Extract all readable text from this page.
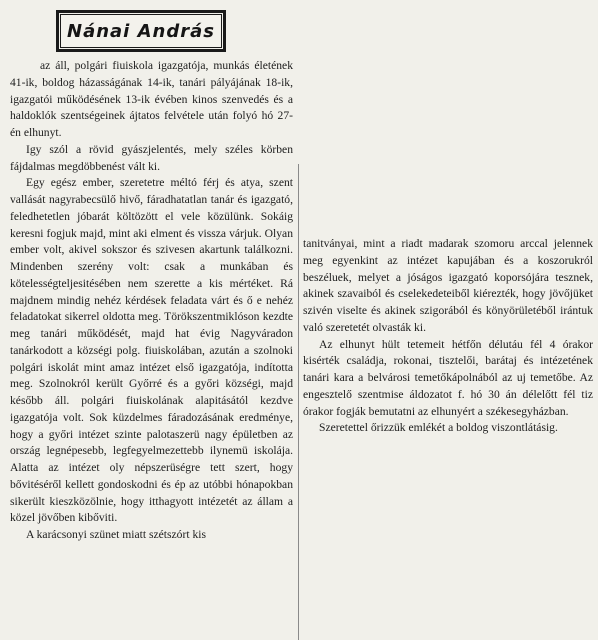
Nánai András

az áll, polgári fiuiskola igazgatója, munkás életének 41-ik, boldog házasságának 14-ik, tanári pályájának 18-ik, igazgatói működésének 13-ik évében kinos szenvedés és a haldoklók szentségeinek ájtatos felvétele után folyó hó 27-én elhunyt.

Igy szól a rövid gyászjelentés, mely széles körben fájdalmas megdöbbenést vált ki.

Egy egész ember, szeretetre méltó férj és atya, szent vallását nagyrabecsülő hivő, fáradhatatlan tanár és igazgató, feledhetetlen jóbarát költözött el vele közülünk. Sokáig keresni fogjuk majd, mint aki elment és vissza várjuk. Olyan ember volt, akivel sokszor és szivesen akartunk találkozni. Mindenben szerény volt: csak a munkában és kötelességteljesitésében nem szerette a kis mértéket. Rá majdnem mindig nehéz kérdések feladata várt és ő e nehéz feladatokat sikerrel oldotta meg. Törökszentmiklóson kezdte meg tanári működését, majd hat évig Nagyváradon tanárkodott a községi polg. fiuiskolában, azután a szolnoki polgári iskolát mint amaz intézet első igazgatója, indította meg. Szolnokról került Győrré és a győri községi, majd később áll. polgári fiuiskolának alapitásától kezdve igazgatója volt. Sok küzdelmes fáradozásának eredménye, hogy a győri intézet szinte palotaszerü nagy épületben az ország legnépesebb, legfegyelmezettebb ilynemü iskolája. Alatta az intézet oly népszerüségre tett szert, hogy bővitéséről kellett gondoskodni és ép az utóbbi hónapokban sikerült kieszközölnie, hogy itthagyott intézetét az állam a közel jövőben kibőviti.

A karácsonyi szünet miatt szétszórt kis

tanitványai, mint a riadt madarak szomoru arccal jelennek meg egyenkint az intézet kapujában és a koszorukról beszéluek, melyet a jóságos igazgató koporsójára tesznek, akinek szavaiból és cselekedeteiből kiérezték, hogy jövőjüket szivén viselte és akinek szigorából és könyörületéből irántuk való szeretetét olvasták ki.

Az elhunyt hült tetemeit hétfőn délutáu fél 4 órakor kisérték családja, rokonai, tisztelői, barátaj és intézetének tanári kara a belvárosi temetőkápolnából az uj temetőbe. Az engesztelő szentmise áldozatot f. hó 30 án délelőtt fél tiz órakor fogják bemutatni az elhunyért a székesegyházban.

Szeretettel őrizzük emlékét a boldog viszontlátásig.
